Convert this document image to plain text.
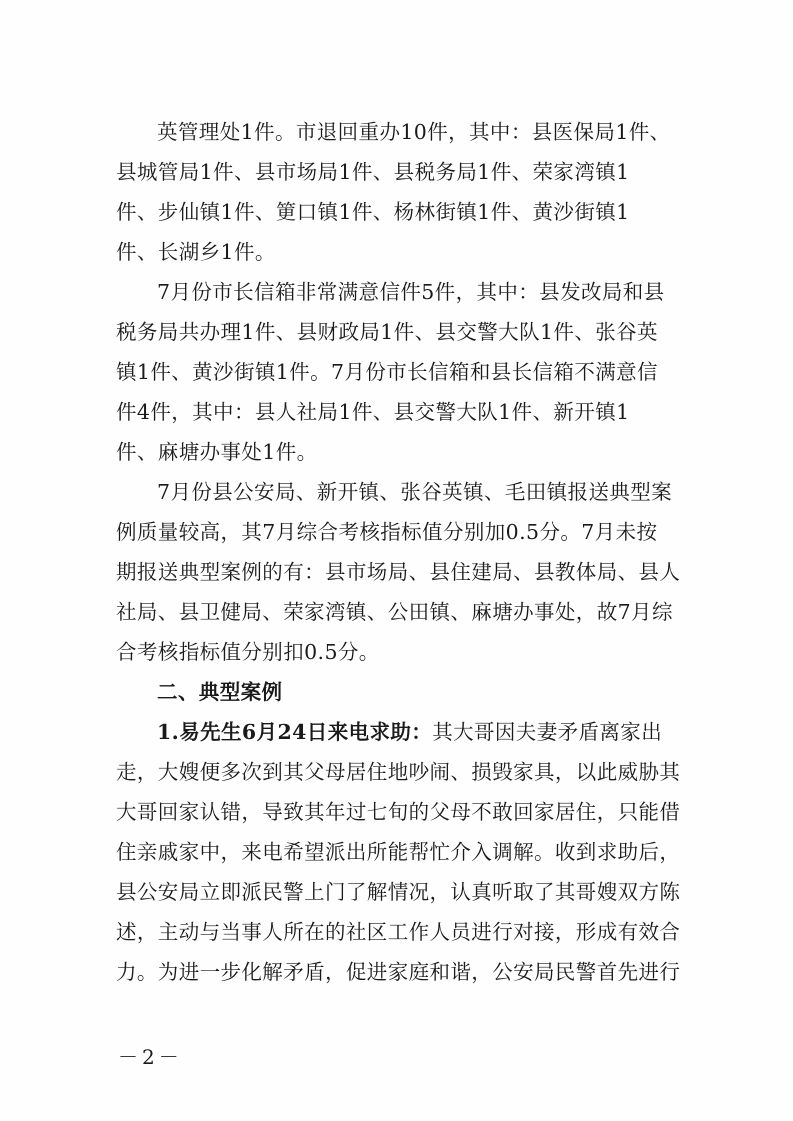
英管理处1件。市退回重办10件，其中：县医保局1件、
县城管局1件、县市场局1件、县税务局1件、荣家湾镇1
件、步仙镇1件、筻口镇1件、杨林街镇1件、黄沙街镇1
件、长湖乡1件。
7月份市长信箱非常满意信件5件，其中：县发改局和县
税务局共办理1件、县财政局1件、县交警大队1件、张谷英
镇1件、黄沙街镇1件。7月份市长信箱和县长信箱不满意信
件4件，其中：县人社局1件、县交警大队1件、新开镇1
件、麻塘办事处1件。
7月份县公安局、新开镇、张谷英镇、毛田镇报送典型案
例质量较高，其7月综合考核指标值分别加0.5分。7月未按
期报送典型案例的有：县市场局、县住建局、县教体局、县人
社局、县卫健局、荣家湾镇、公田镇、麻塘办事处，故7月综
合考核指标值分别扣0.5分。
二、典型案例
1.易先生6月24日来电求助：其大哥因夫妻矛盾离家出
走，大嫂便多次到其父母居住地吵闹、损毁家具，以此威胁其
大哥回家认错，导致其年过七旬的父母不敢回家居住，只能借
住亲戚家中，来电希望派出所能帮忙介入调解。收到求助后，
县公安局立即派民警上门了解情况，认真听取了其哥嫂双方陈
述，主动与当事人所在的社区工作人员进行对接，形成有效合
力。为进一步化解矛盾，促进家庭和谐，公安局民警首先进行
－2－
